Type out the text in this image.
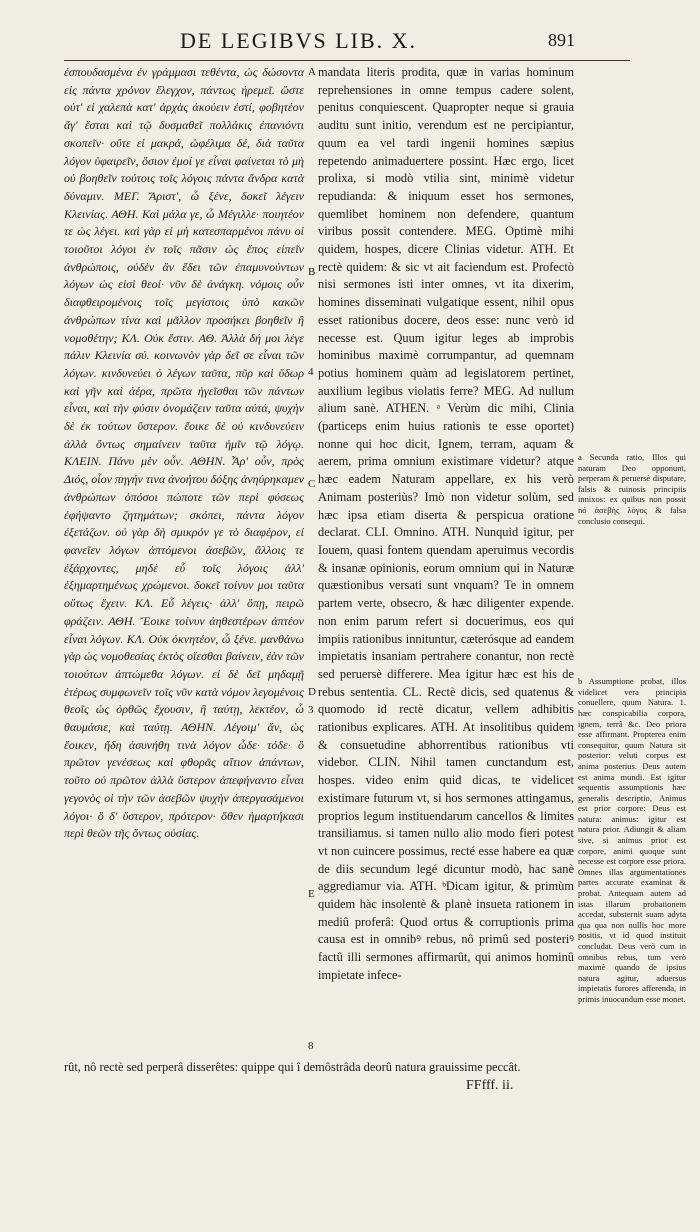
DE LEGIBVS LIB. X.	891

ἐσπουδασμένα ἐν γράμμασι τεθέντα, ὡς δώσοντα εἰς πάντα χρόνον ἔλεγχον, πάντως ἠρεμεῖ. ὥστε οὐτ' εἰ χαλεπὰ κατ' ἀρχὰς ἀκούειν ἐστί, φοβητέον ἄγ' ἔσται καὶ τῷ δυσμαθεῖ πολλάκις ἐπανιόντι σκοπεῖν· οὔτε εἰ μακρά, ὠφέλιμα δέ, διὰ ταῦτα λόγον ὑφαιρεῖν, ὅσιον ἐμοί γε εἶναι φαίνεται τὸ μὴ οὐ βοηθεῖν τούτοις τοῖς λόγοις πάντα ἄνδρα κατὰ δύναμιν. ΜΕΓ. Ἄριστ', ὦ ξένε, δοκεῖ λέγειν Κλεινίας. ΑΘΗ. Καὶ μάλα γε, ὦ Μέγιλλε· ποιητέον τε ὡς λέγει. καὶ γὰρ εἰ μὴ κατεσπαρμένοι πάνυ οἱ τοιοῦτοι λόγοι ἐν τοῖς πᾶσιν ὡς ἔπος εἰπεῖν ἀνθρώποις, οὐδὲν ἂν ἔδει τῶν ἐπαμυνούντων λόγων ὡς εἰσὶ θεοί· νῦν δὲ ἀνάγκη. νόμοις οὖν διαφθειρομένοις τοῖς μεγίστοις ὑπὸ κακῶν ἀνθρώπων τίνα καὶ μᾶλλον προσήκει βοηθεῖν ἢ νομοθέτην; ΚΛ. Οὐκ ἔστιν. ΑΘ. Ἀλλὰ δή μοι λέγε πάλιν Κλεινία σύ. κοινωνὸν γὰρ δεῖ σε εἶναι τῶν λόγων. κινδυνεύει ὁ λέγων ταῦτα, πῦρ καὶ ὕδωρ καὶ γῆν καὶ ἀέρα, πρῶτα ἡγεῖσθαι τῶν πάντων εἶναι, καὶ τὴν φύσιν ὀνομάζειν ταῦτα αὐτά, ψυχὴν δὲ ἐκ τούτων ὕστερον. ἔοικε δὲ οὐ κινδυνεύειν ἀλλὰ ὄντως σημαίνειν ταῦτα ἡμῖν τῷ λόγῳ. ΚΛΕΙΝ. Πάνυ μὲν οὖν. ΑΘΗΝ. Ἆρ' οὖν, πρὸς Διός, οἷον πηγήν τινα ἀνοήτου δόξης ἀνηύρηκαμεν ἀνθρώπων ὁπόσοι πώποτε τῶν περὶ φύσεως ἐφήψαντο ζητημάτων; σκόπει, πάντα λόγον ἐξετάζων. οὐ γὰρ δὴ σμικρόν γε τὸ διαφέρον, εἰ φανεῖεν λόγων ἁπτόμενοι ἀσεβῶν, ἄλλοις τε ἐξάρχοντες, μηδὲ εὖ τοῖς λόγοις ἀλλ' ἐξημαρτημένως χρώμενοι. δοκεῖ τοίνυν μοι ταῦτα οὕτως ἔχειν. ΚΛ. Εὖ λέγεις· ἀλλ' ὅπῃ, πειρῶ φράζειν. ΑΘΗ. Ἔοικε τοίνυν ἀηθεστέρων ἁπτέον εἶναι λόγων. ΚΛ. Οὐκ ὀκνητέον, ὦ ξένε. μανθάνω γὰρ ὡς νομοθεσίας ἐκτὸς οἴεσθαι βαίνειν, ἐὰν τῶν τοιούτων ἁπτώμεθα λόγων. εἰ δὲ δεῖ μηδαμῇ ἑτέρως συμφωνεῖν τοῖς νῦν κατὰ νόμον λεγομένοις θεοῖς ὡς ὀρθῶς ἔχουσιν, ἢ ταύτῃ, λεκτέον, ὦ θαυμάσιε, καὶ ταύτῃ. ΑΘΗΝ. Λέγοιμ' ἄν, ὡς ἔοικεν, ἤδη ἀσυνήθη τινὰ λόγον ὧδε· τόδε· ὃ πρῶτον γενέσεως καὶ φθορᾶς αἴτιον ἁπάντων, τοῦτο οὐ πρῶτον ἀλλὰ ὕστερον ἀπεφήναντο εἶναι γεγονὸς οἱ τὴν τῶν ἀσεβῶν ψυχὴν ἀπεργασάμενοι λόγοι· ὃ δ' ὕστερον, πρότερον· ὅθεν ἡμαρτήκασι περὶ θεῶν τῆς ὄντως οὐσίας.

A
B
C
D
E
4
3
8

mandata literis prodita, quæ in varias hominum reprehensiones in omne tempus cadere solent, penitus conquiescent. Quapropter neque si grauia auditu sunt initio, verendum est ne percipiantur, quum ea vel tardi ingenii homines sæpius repetendo animaduertere possint. Hæc ergo, licet prolixa, si modò vtilia sint, minimè videtur repudianda: & iniquum esset hos sermones, quemlibet hominem non defendere, quantum viribus possit contendere. MEG. Optimè mihi quidem, hospes, dicere Clinias videtur. ATH. Et rectè quidem: & sic vt ait faciendum est. Profectò nisi sermones isti inter omnes, vt ita dixerim, homines disseminati vulgatique essent, nihil opus esset rationibus docere, deos esse: nunc verò id necesse est. Quum igitur leges ab improbis hominibus maximè corrumpantur, ad quemnam potius hominem quàm ad legislatorem pertinet, auxilium legibus violatis ferre? MEG. Ad nullum alium sanè. ATHEN. ᵃ Verùm dic mihi, Clinia (particeps enim huius rationis te esse oportet) nonne qui hoc dicit, Ignem, terram, aquam & aerem, prima omnium existimare videtur? atque hæc eadem Naturam appellare, ex his verò Animam posteriùs? Imò non videtur solùm, sed hæc ipsa etiam diserta & perspicua oratione declarat. CLI. Omnino. ATH. Nunquid igitur, per Iouem, quasi fontem quendam aperuimus vecordis & insanæ opinionis, eorum omnium qui in Naturæ quæstionibus versati sunt vnquam? Te in omnem partem verte, obsecro, & hæc diligenter expende. non enim parum refert si docuerimus, eos qui impiis rationibus innituntur, cæterósque ad eandem impietatis insaniam pertrahere conantur, non rectè sed peruersè differere. Mea igitur hæc est his de rebus sententia. CL. Rectè dicis, sed quatenus & quomodo id rectè dicatur, vellem adhibitis rationibus explicares. ATH. At insolitibus quidem & consuetudine abhorrentibus rationibus vti videbor. CLIN. Nihil tamen cunctandum est, hospes. video enim quid dicas, te videlicet existimare futurum vt, si hos sermones attingamus, proprios legum instituendarum cancellos & limites transiliamus. si tamen nullo alio modo fieri potest vt non cuincere possimus, recté esse habere ea quæ de diis secundum legé dicuntur modò, hac sanè aggrediamur via. ATH. ᵇDicam igitur, & primùm quidem hàc insolentè & planè insueta rationem in mediû proferâ: Quod ortus & corruptionis prima causa est in omnibꝰ rebus, nô primû sed posteriꝰ factû illi sermones affirmarût, qui animos hominû impietate infece-

a Secunda ratio, Illos qui naturam Deo opponunt, perperam & peruersè disputare, falsis & ruinosis principiis innixos: ex quibus non possit nó ἀσεβὴς λόγος & falsa conclusio consequi.

b Assumptione probat, illos videlicet vera principia conuellere, quum Natura. 1. hæc conspicabilia corpora, ignem, terrâ &c. Deo priora esse affirmant. Propterea enim consequitur, quum Natura sit posterior: veluti corpus est anima posterius. Deus autem est anima mundi. Est igitur sequentis assumptionis hæc generalis descriptio, Animus est prior corpore: Deus est natura: animus: igitur est natura prior. Adiungit & aliam sive, si animus prior est corpore, animi quoque sunt necesse est corpore esse priora. Omnes illas argumentationes partes accurate examinat & probat. Antequam autem ad istas illarum probationem accedat, substernit suam adyta qua qua non nullis hoc more positis, vt id quod instituit concludat. Deus verò cum in omnibus rebus, tum verò maximè quando de ipsius natura agitur, aduersus impietatis furores afferenda, in primis inuocandum esse monet.

rût, nô rectè sed perperâ disserêtes: quippe qui î demôstrâda deorû natura grauissime peccât.
FFfff. ii.
